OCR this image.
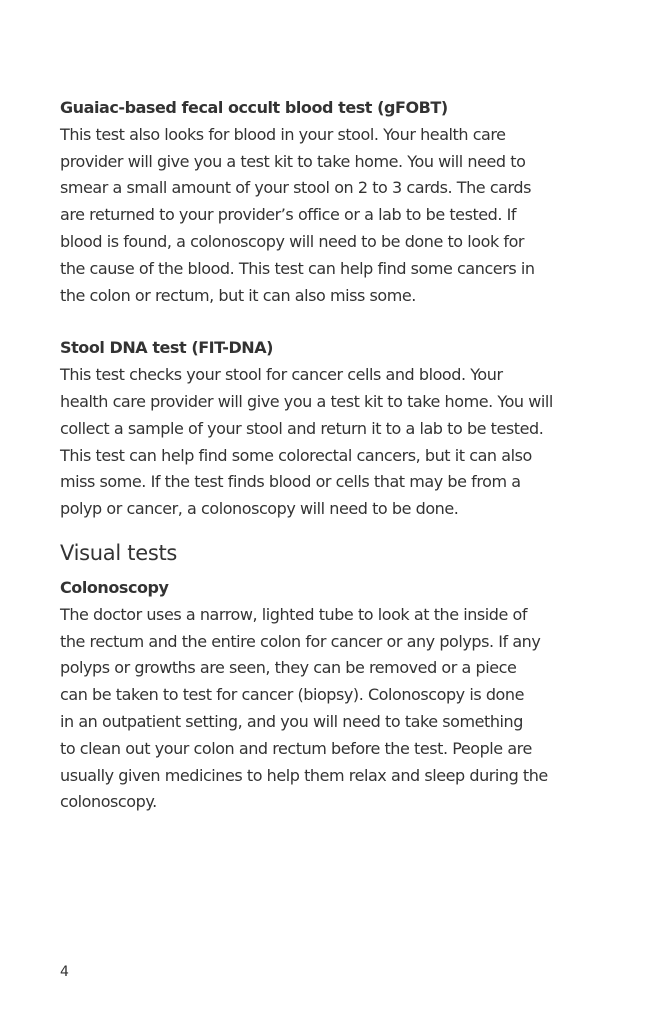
Guaiac-based fecal occult blood test (gFOBT)
This test also looks for blood in your stool. Your health care
provider will give you a test kit to take home. You will need to
smear a small amount of your stool on 2 to 3 cards. The cards
are returned to your provider’s office or a lab to be tested. If
blood is found, a colonoscopy will need to be done to look for
the cause of the blood. This test can help find some cancers in
the colon or rectum, but it can also miss some.
Stool DNA test (FIT-DNA)
This test checks your stool for cancer cells and blood. Your
health care provider will give you a test kit to take home. You will
collect a sample of your stool and return it to a lab to be tested.
This test can help find some colorectal cancers, but it can also
miss some. If the test finds blood or cells that may be from a
polyp or cancer, a colonoscopy will need to be done.
Visual tests
Colonoscopy
The doctor uses a narrow, lighted tube to look at the inside of
the rectum and the entire colon for cancer or any polyps. If any
polyps or growths are seen, they can be removed or a piece
can be taken to test for cancer (biopsy). Colonoscopy is done
in an outpatient setting, and you will need to take something
to clean out your colon and rectum before the test. People are
usually given medicines to help them relax and sleep during the
colonoscopy.
4
